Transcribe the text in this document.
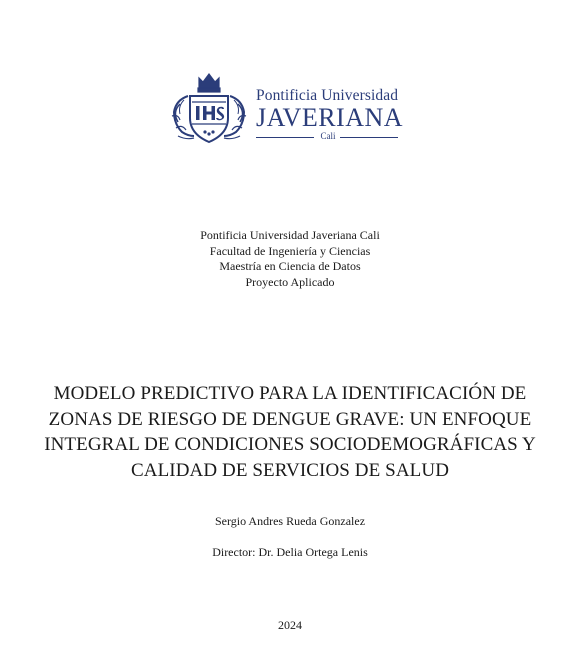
Pontificia Universidad
JAVERIANA
Cali
Pontificia Universidad Javeriana Cali
Facultad de Ingeniería y Ciencias
Maestría en Ciencia de Datos
Proyecto Aplicado
MODELO PREDICTIVO PARA LA IDENTIFICACIÓN DE
ZONAS DE RIESGO DE DENGUE GRAVE: UN ENFOQUE
INTEGRAL DE CONDICIONES SOCIODEMOGRÁFICAS Y
CALIDAD DE SERVICIOS DE SALUD
Sergio Andres Rueda Gonzalez
Director: Dr. Delia Ortega Lenis
2024
